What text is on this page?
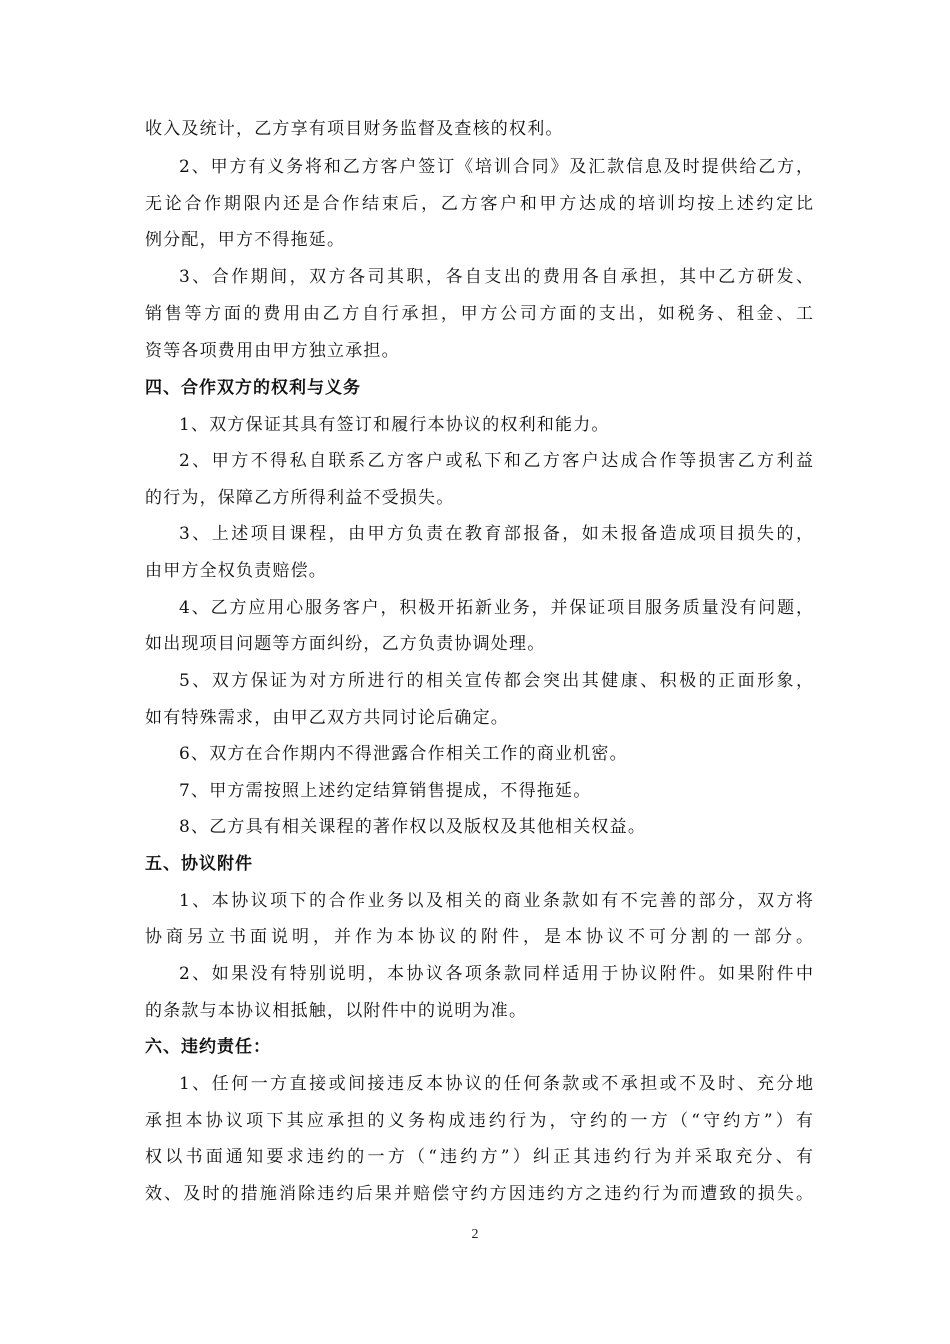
收入及统计，乙方享有项目财务监督及查核的权利。
2、甲方有义务将和乙方客户签订《培训合同》及汇款信息及时提供给乙方，
无论合作期限内还是合作结束后，乙方客户和甲方达成的培训均按上述约定比
例分配，甲方不得拖延。
3、合作期间，双方各司其职，各自支出的费用各自承担，其中乙方研发、
销售等方面的费用由乙方自行承担，甲方公司方面的支出，如税务、租金、工
资等各项费用由甲方独立承担。
四、合作双方的权利与义务
1、双方保证其具有签订和履行本协议的权利和能力。
2、甲方不得私自联系乙方客户或私下和乙方客户达成合作等损害乙方利益
的行为，保障乙方所得利益不受损失。
3、上述项目课程，由甲方负责在教育部报备，如未报备造成项目损失的，
由甲方全权负责赔偿。
4、乙方应用心服务客户，积极开拓新业务，并保证项目服务质量没有问题，
如出现项目问题等方面纠纷，乙方负责协调处理。
5、双方保证为对方所进行的相关宣传都会突出其健康、积极的正面形象，
如有特殊需求，由甲乙双方共同讨论后确定。
6、双方在合作期内不得泄露合作相关工作的商业机密。
7、甲方需按照上述约定结算销售提成，不得拖延。
8、乙方具有相关课程的著作权以及版权及其他相关权益。
五、协议附件
1、本协议项下的合作业务以及相关的商业条款如有不完善的部分，双方将
协商另立书面说明，并作为本协议的附件，是本协议不可分割的一部分。
2、如果没有特别说明，本协议各项条款同样适用于协议附件。如果附件中
的条款与本协议相抵触，以附件中的说明为准。
六、违约责任：
1、任何一方直接或间接违反本协议的任何条款或不承担或不及时、充分地
承担本协议项下其应承担的义务构成违约行为，守约的一方（“守约方”）有
权以书面通知要求违约的一方（“违约方”）纠正其违约行为并采取充分、有
效、及时的措施消除违约后果并赔偿守约方因违约方之违约行为而遭致的损失。
2
